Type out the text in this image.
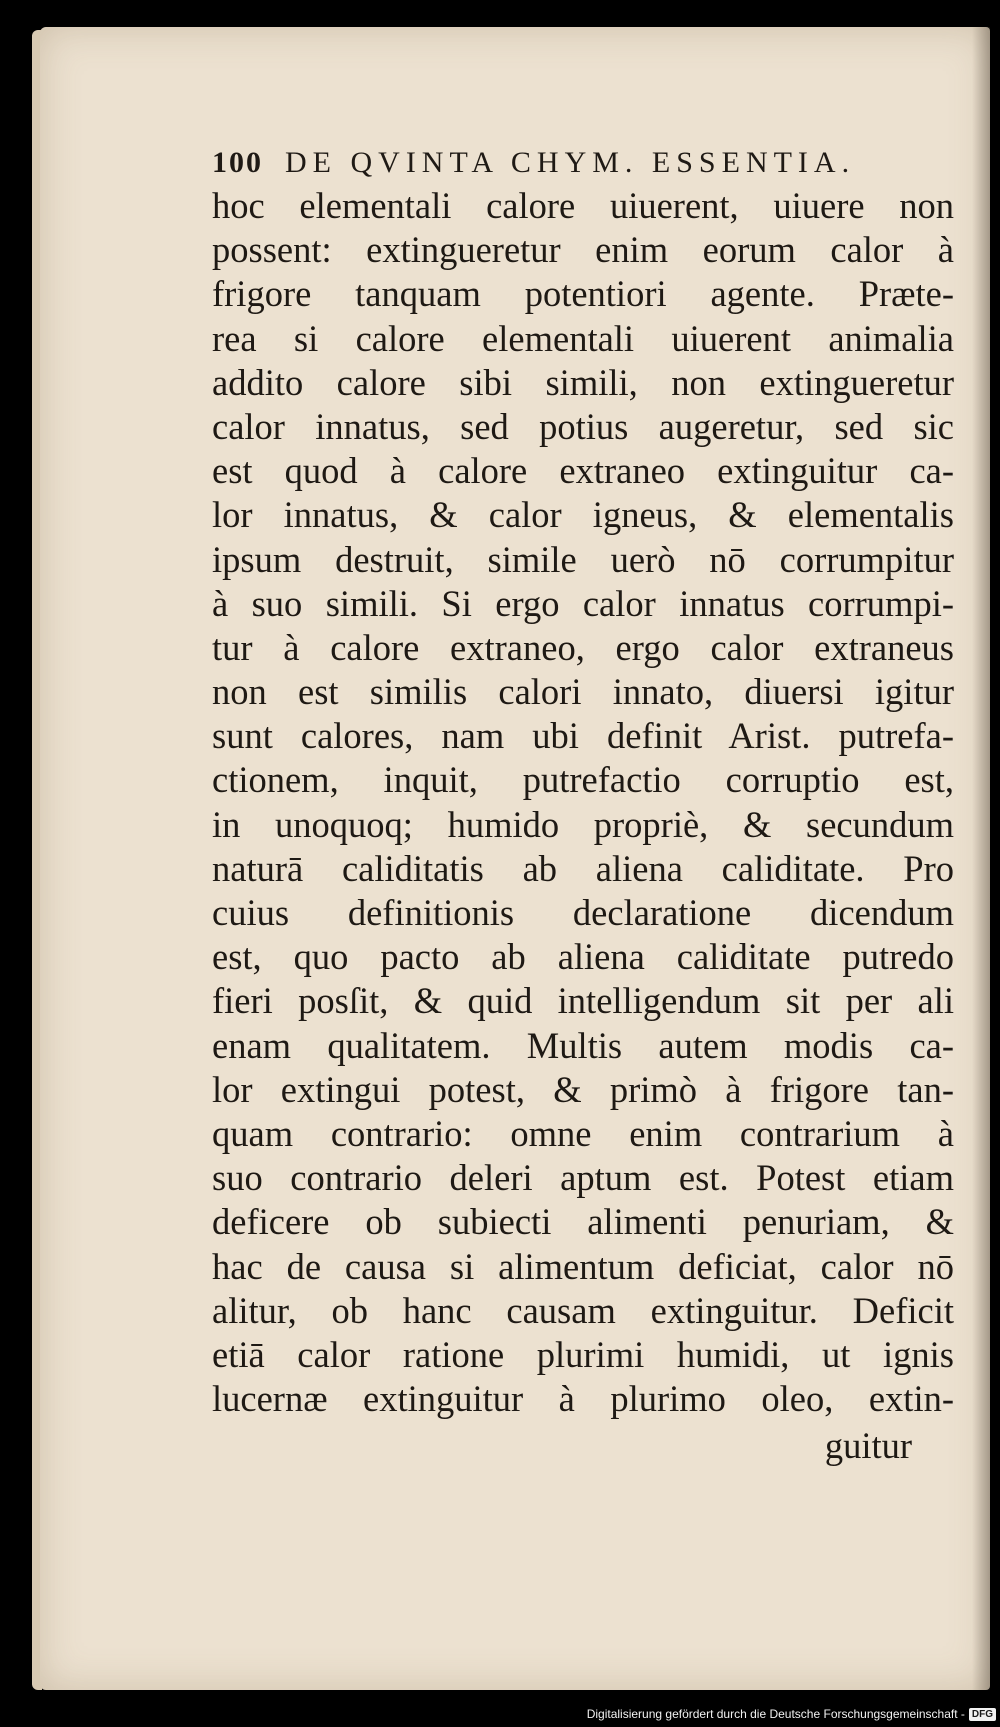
100 DE QVINTA CHYM. ESSENTIA.
hoc elementali calore uiuerent, uiuere non
possent: extingueretur enim eorum calor à
frigore tanquam potentiori agente. Præte-
rea si calore elementali uiuerent animalia
addito calore sibi simili, non extingueretur
calor innatus, sed potius augeretur, sed sic
est quod à calore extraneo extinguitur ca-
lor innatus, & calor igneus, & elementalis
ipsum destruit, simile uerò nō corrumpitur
à suo simili. Si ergo calor innatus corrumpi-
tur à calore extraneo, ergo calor extraneus
non est similis calori innato, diuersi igitur
sunt calores, nam ubi definit Arist. putrefa-
ctionem, inquit, putrefactio corruptio est,
in unoquoq; humido propriè, & secundum
naturā caliditatis ab aliena caliditate. Pro
cuius definitionis declaratione dicendum
est, quo pacto ab aliena caliditate putredo
fieri posſit, & quid intelligendum sit per ali
enam qualitatem. Multis autem modis ca-
lor extingui potest, & primò à frigore tan-
quam contrario: omne enim contrarium à
suo contrario deleri aptum est. Potest etiam
deficere ob subiecti alimenti penuriam, &
hac de causa si alimentum deficiat, calor nō
alitur, ob hanc causam extinguitur. Deficit
etiā calor ratione plurimi humidi, ut ignis
lucernæ extinguitur à plurimo oleo, extin-
guitur
Digitalisierung gefördert durch die Deutsche Forschungsgemeinschaft - DFG
